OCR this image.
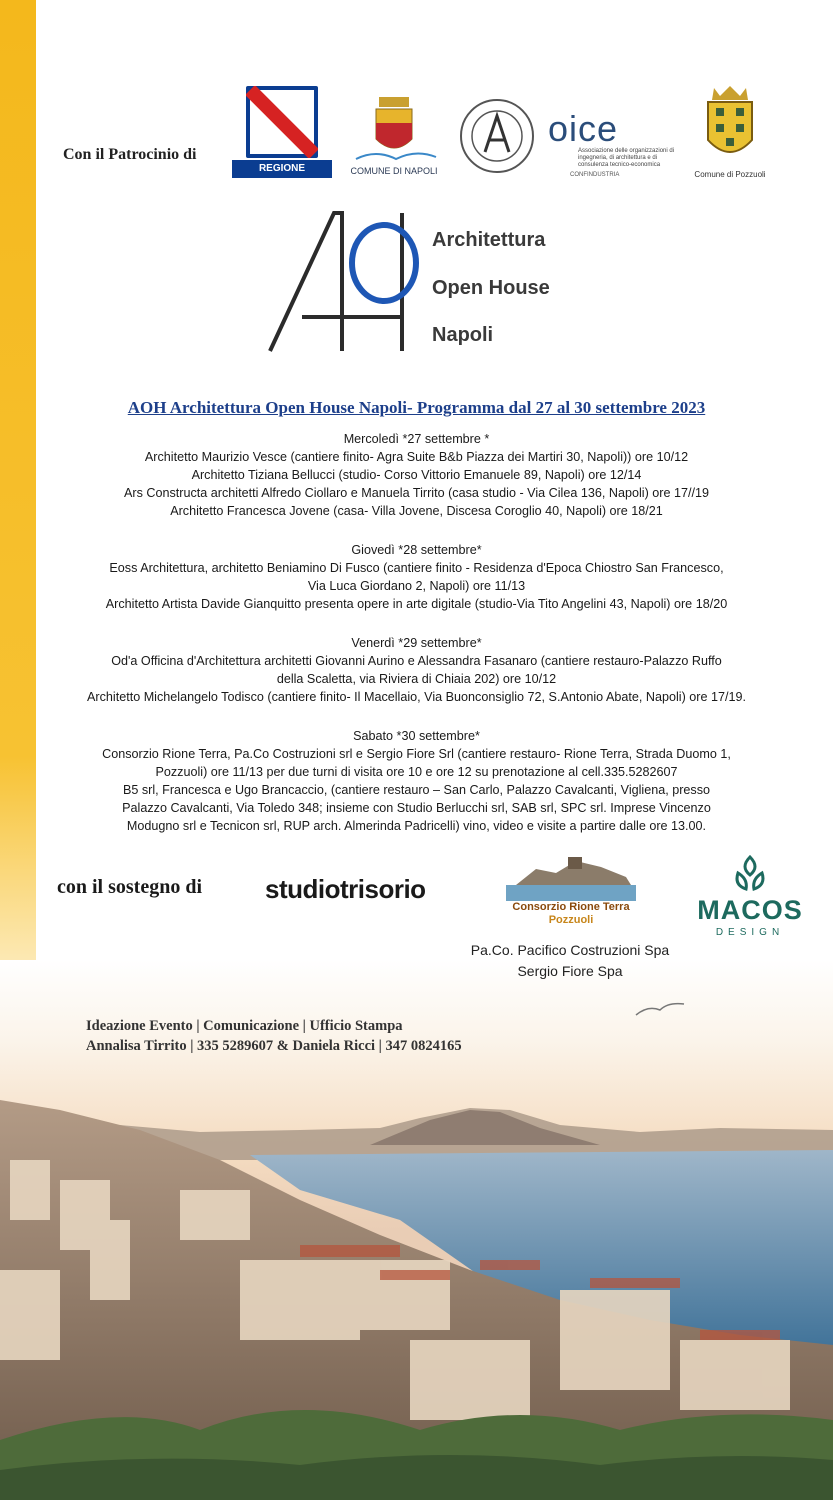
Con il Patrocinio di
REGIONE CAMPANIA
COMUNE DI NAPOLI
oice
Associazione delle organizzazioni di ingegneria, di architettura e di consulenza tecnico-economica
CONFINDUSTRIA	Comune di Pozzuoli
Architettura
Open House
Napoli
AOH Architettura Open House Napoli- Programma dal 27 al 30 settembre 2023
Mercoledì *27 settembre *
Architetto Maurizio Vesce (cantiere finito- Agra Suite B&b Piazza dei Martiri 30, Napoli)) ore 10/12
Architetto Tiziana Bellucci (studio- Corso Vittorio Emanuele 89, Napoli) ore 12/14
Ars Constructa architetti Alfredo Ciollaro e Manuela Tirrito (casa studio - Via Cilea 136, Napoli) ore 17//19
Architetto Francesca Jovene (casa- Villa Jovene, Discesa Coroglio 40, Napoli) ore 18/21
Giovedì *28 settembre*
Eoss Architettura, architetto Beniamino Di Fusco (cantiere finito - Residenza d'Epoca Chiostro San Francesco,
Via Luca Giordano 2, Napoli) ore 11/13
Architetto Artista Davide Gianquitto presenta opere in arte digitale (studio-Via Tito Angelini 43, Napoli) ore 18/20
Venerdì *29 settembre*
Od'a Officina d'Architettura architetti Giovanni Aurino e Alessandra Fasanaro (cantiere restauro-Palazzo Ruffo
della Scaletta, via Riviera di Chiaia 202) ore 10/12
Architetto Michelangelo Todisco (cantiere finito- Il Macellaio, Via Buonconsiglio 72, S.Antonio Abate, Napoli) ore 17/19.
Sabato *30 settembre*
Consorzio Rione Terra, Pa.Co Costruzioni srl e Sergio Fiore Srl (cantiere restauro- Rione Terra, Strada Duomo 1,
Pozzuoli) ore 11/13 per due turni di visita ore 10 e ore 12 su prenotazione al cell.335.5282607
B5 srl, Francesca e Ugo Brancaccio, (cantiere restauro – San Carlo, Palazzo Cavalcanti, Vigliena, presso
Palazzo Cavalcanti, Via Toledo 348; insieme con Studio Berlucchi srl, SAB srl, SPC srl. Imprese Vincenzo
Modugno srl e Tecnicon srl, RUP arch. Almerinda Padricelli) vino, video e visite a partire dalle ore 13.00.
con il sostegno di studiotrisorio
Consorzio Rione Terra
Pozzuoli	MACOS
DESIGN
Pa.Co. Pacifico Costruzioni Spa
Sergio Fiore Spa
Ideazione Evento | Comunicazione | Ufficio Stampa
Annalisa Tirrito | 335 5289607 & Daniela Ricci | 347 0824165
